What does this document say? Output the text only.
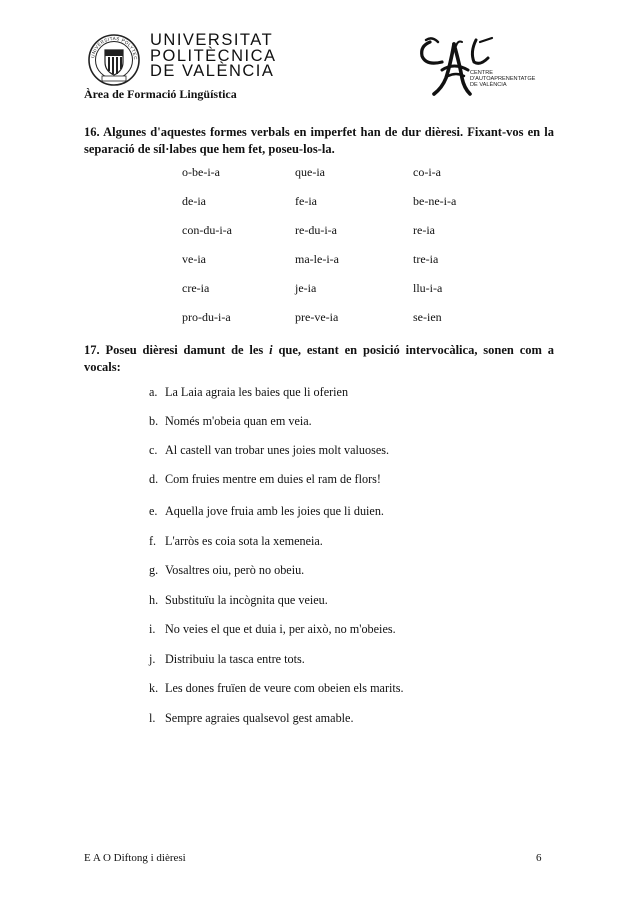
UNIVERSITAS POLYTEC
UNIVERSITAT
POLITÈCNICA
DE VALÈNCIA
Àrea de Formació Lingüística
CENTRE
D'AUTOAPRENENTATGE
DE VALÈNCIA
16. Algunes d'aquestes formes verbals en imperfet han de dur dièresi. Fixant-vos en la separació de síl·labes que hem fet, poseu-los-la.
o-be-i-a	que-ia	co-i-a
de-ia	fe-ia	be-ne-i-a
con-du-i-a	re-du-i-a	re-ia
ve-ia	ma-le-i-a	tre-ia
cre-ia	je-ia	llu-i-a
pro-du-i-a	pre-ve-ia	se-ien
17. Poseu dièresi damunt de les i que, estant en posició intervocàlica, sonen com a vocals:
a. La Laia agraia les baies que li oferien
b. Només m'obeia quan em veia.
c. Al castell van trobar unes joies molt valuoses.
d. Com fruies mentre em duies el ram de flors!
e. Aquella jove fruia amb les joies que li duien.
f. L'arròs es coia sota la xemeneia.
g. Vosaltres oiu, però no obeiu.
h. Substituïu la incògnita que veieu.
i. No veies el que et duia i, per això, no m'obeies.
j. Distribuiu la tasca entre tots.
k. Les dones fruïen de veure com obeien els marits.
l. Sempre agraies qualsevol gest amable.
E A O Diftong i dièresi	6
